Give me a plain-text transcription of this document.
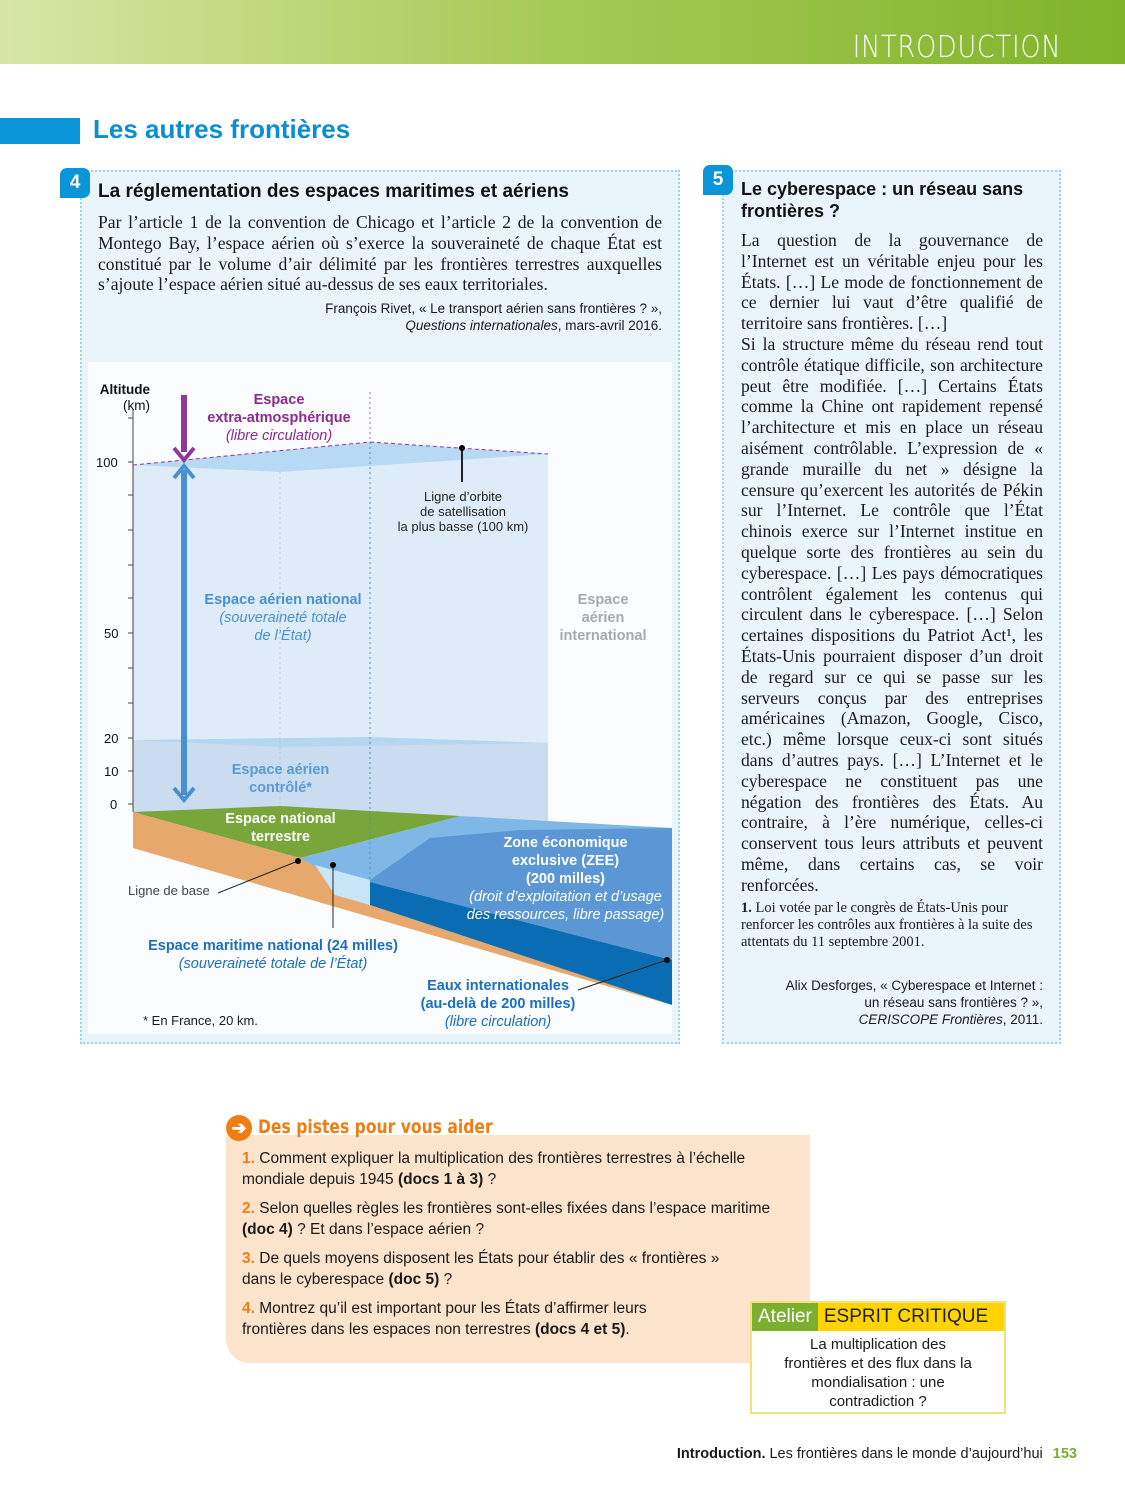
INTRODUCTION
Les autres frontières
4 La réglementation des espaces maritimes et aériens
Par l’article 1 de la convention de Chicago et l’article 2 de la convention de Montego Bay, l’espace aérien où s’exerce la souveraineté de chaque État est constitué par le volume d’air délimité par les frontières terrestres auxquelles s’ajoute l’espace aérien situé au-dessus de ses eaux territoriales.
François Rivet, « Le transport aérien sans frontières ? »,
Questions internationales, mars-avril 2016.
Altitude
(km)
100
50
20
10
0
Espace
extra-atmosphérique
(libre circulation)
Ligne d’orbite
de satellisation
la plus basse (100 km)
Espace aérien national
(souveraineté totale
de l’État)
Espace
aérien
international
Espace aérien
contrôlé*
Espace national
terrestre	Zone économique
exclusive (ZEE)
(200 milles)
(droit d’exploitation et d’usage
des ressources, libre passage)
Ligne de base
Espace maritime national (24 milles)
(souveraineté totale de l’État)
Eaux internationales
(au-delà de 200 milles)
(libre circulation)
* En France, 20 km.
5 Le cyberespace : un réseau sans frontières ?
La question de la gouvernance de l’Internet est un véritable enjeu pour les États. […] Le mode de fonctionnement de ce dernier lui vaut d’être qualifié de territoire sans frontières. […]
Si la structure même du réseau rend tout contrôle étatique difficile, son architecture peut être modifiée. […] Certains États comme la Chine ont rapidement repensé l’architecture et mis en place un réseau aisément contrôlable. L’expression de « grande muraille du net » désigne la censure qu’exercent les autorités de Pékin sur l’Internet. Le contrôle que l’État chinois exerce sur l’Internet institue en quelque sorte des frontières au sein du cyberespace. […] Les pays démocratiques contrôlent également les contenus qui circulent dans le cyberespace. […] Selon certaines dispositions du Patriot Act¹, les États-Unis pourraient disposer d’un droit de regard sur ce qui se passe sur les serveurs conçus par des entreprises américaines (Amazon, Google, Cisco, etc.) même lorsque ceux-ci sont situés dans d’autres pays. […] L’Internet et le cyberespace ne constituent pas une négation des frontières des États. Au contraire, à l’ère numérique, celles-ci conservent tous leurs attributs et peuvent même, dans certains cas, se voir renforcées.
1. Loi votée par le congrès de États-Unis pour renforcer les contrôles aux frontières à la suite des attentats du 11 septembre 2001.
Alix Desforges, « Cyberespace et Internet :
un réseau sans frontières ? »,
CERISCOPE Frontières, 2011.
➔ Des pistes pour vous aider

1. Comment expliquer la multiplication des frontières terrestres à l’échelle mondiale depuis 1945 (docs 1 à 3) ?

2. Selon quelles règles les frontières sont-elles fixées dans l’espace maritime (doc 4) ? Et dans l’espace aérien ?

3. De quels moyens disposent les États pour établir des « frontières » dans le cyberespace (doc 5) ?

4. Montrez qu’il est important pour les États d’affirmer leurs frontières dans les espaces non terrestres (docs 4 et 5).

Atelier ESPRIT CRITIQUE
La multiplication des frontières et des flux dans la mondialisation : une contradiction ?
Introduction. Les frontières dans le monde d’aujourd’hui 153
